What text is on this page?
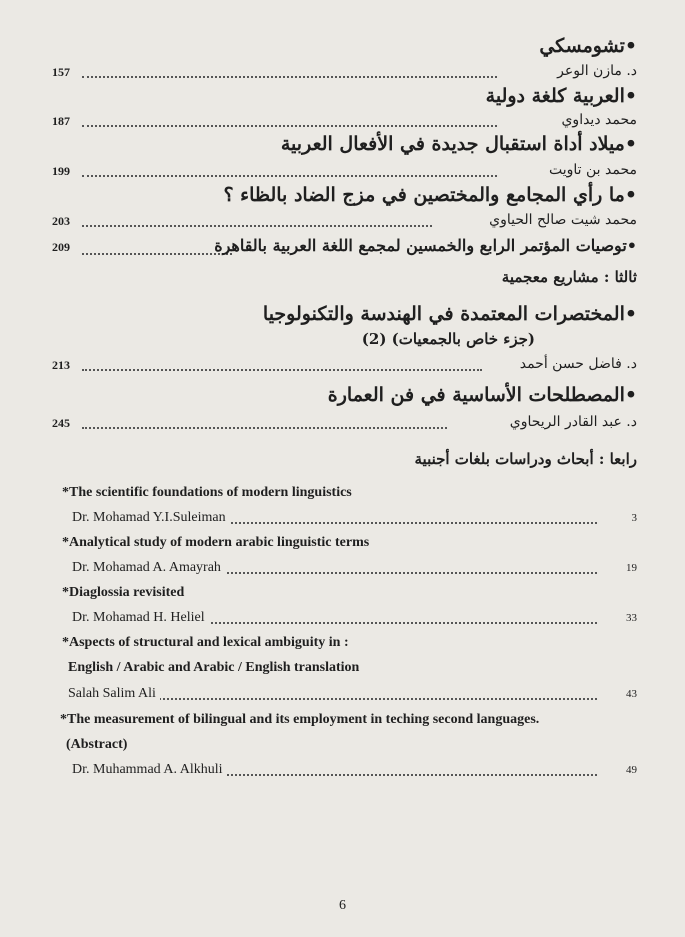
•تشومسكي
157	د. مازن الوعر
•العربية كلغة دولية
187	محمد ديداوي
•ميلاد أداة استقبال جديدة في الأفعال العربية
199	محمد بن تاويت
•ما رأي المجامع والمختصين في مزج الضاد بالظاء ؟
203	محمد شيت صالح الحياوي
209	•توصيات المؤتمر الرابع والخمسين لمجمع اللغة العربية بالقاهرة
ثالثا : مشاريع معجمية
•المختصرات المعتمدة في الهندسة والتكنولوجيا
(جزء خاص بالجمعيات) (2)
213	د. فاضل حسن أحمد
•المصطلحات الأساسية في فن العمارة
245	د. عبد القادر الريحاوي
رابعا : أبحاث ودراسات بلغات أجنبية
*The scientific foundations of modern linguistics
Dr. Mohamad Y.I.Suleiman	3
*Analytical study of modern arabic linguistic terms
Dr. Mohamad A. Amayrah	19
*Diaglossia revisited
Dr. Mohamad H. Heliel	33
*Aspects of structural and lexical ambiguity in :
English / Arabic and Arabic / English translation
Salah Salim Ali	43
*The measurement of bilingual and its employment in teching second languages.
(Abstract)
Dr. Muhammad A. Alkhuli	49
6
